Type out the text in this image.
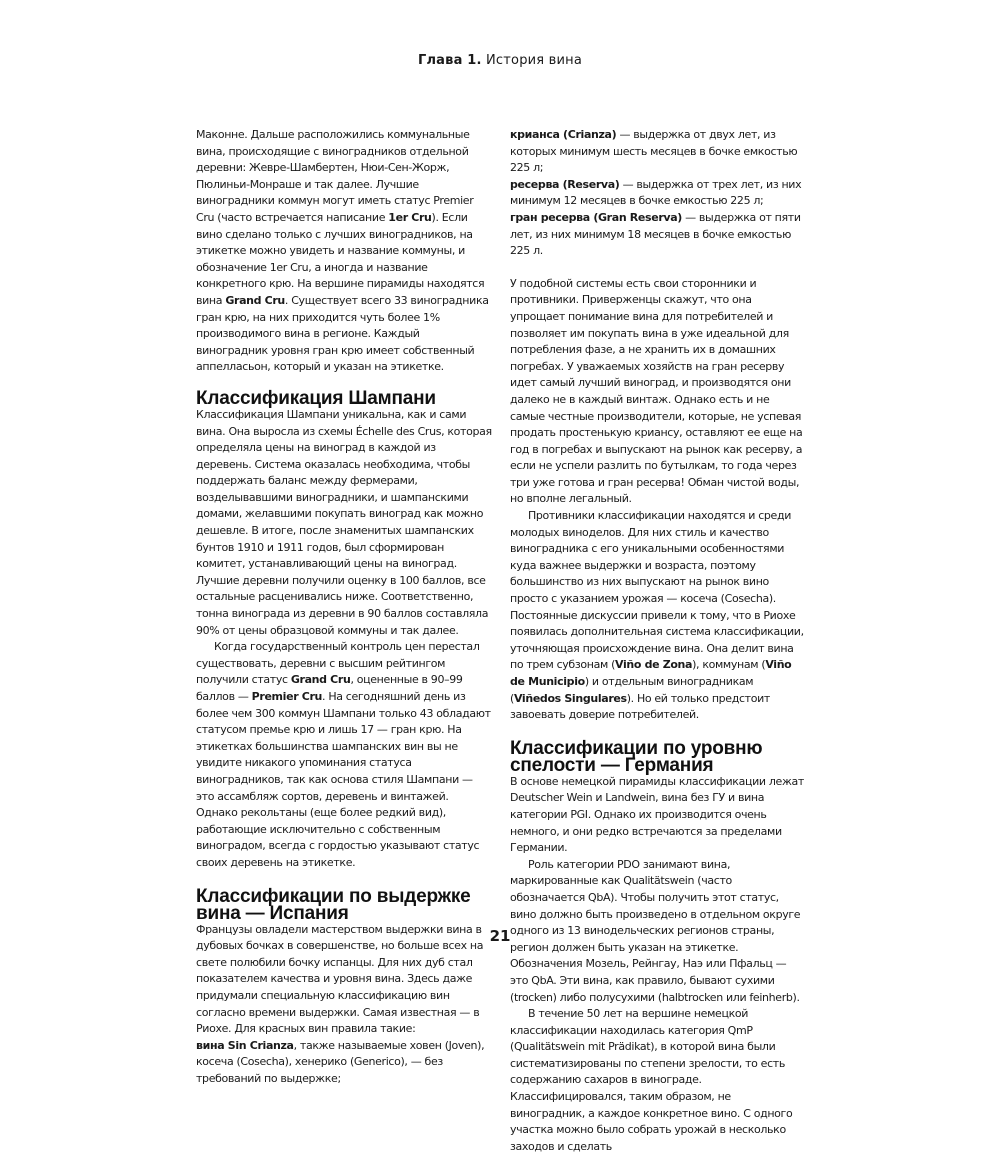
Глава 1. История вина

Маконне. Дальше расположились коммунальные вина, происходящие с виноградников отдельной деревни: Жевре-Шамбертен, Нюи-Сен-Жорж, Пюлиньи-Монраше и так далее. Лучшие виноградники коммун могут иметь статус Premier Cru (часто встречается написание 1er Cru). Если вино сделано только с лучших виноградников, на этикетке можно увидеть и название коммуны, и обозначение 1er Cru, а иногда и название конкретного крю. На вершине пирамиды находятся вина Grand Cru. Существует всего 33 виноградника гран крю, на них приходится чуть более 1% производимого вина в регионе. Каждый виноградник уровня гран крю имеет собственный аппелласьон, который и указан на этикетке.

Классификация Шампани

Классификация Шампани уникальна, как и сами вина. Она выросла из схемы Échelle des Crus, которая определяла цены на виноград в каждой из деревень. Система оказалась необходима, чтобы поддержать баланс между фермерами, возделывавшими виноградники, и шампанскими домами, желавшими покупать виноград как можно дешевле. В итоге, после знаменитых шампанских бунтов 1910 и 1911 годов, был сформирован комитет, устанавливающий цены на виноград. Лучшие деревни получили оценку в 100 баллов, все остальные расценивались ниже. Соответственно, тонна винограда из деревни в 90 баллов составляла 90% от цены образцовой коммуны и так далее.

Когда государственный контроль цен перестал существовать, деревни с высшим рейтингом получили статус Grand Cru, оцененные в 90–99 баллов — Premier Cru. На сегодняшний день из более чем 300 коммун Шампани только 43 обладают статусом премье крю и лишь 17 — гран крю. На этикетках большинства шампанских вин вы не увидите никакого упоминания статуса виноградников, так как основа стиля Шампани — это ассамбляж сортов, деревень и винтажей. Однако рекольтаны (еще более редкий вид), работающие исключительно с собственным виноградом, всегда с гордостью указывают статус своих деревень на этикетке.

Классификации по выдержке вина — Испания

Французы овладели мастерством выдержки вина в дубовых бочках в совершенстве, но больше всех на свете полюбили бочку испанцы. Для них дуб стал показателем качества и уровня вина. Здесь даже придумали специальную классификацию вин согласно времени выдержки. Самая известная — в Риохе. Для красных вин правила такие:

вина Sin Crianza, также называемые ховен (Joven), косеча (Cosecha), хенерико (Generico), — без требований по выдержке;

крианса (Crianza) — выдержка от двух лет, из которых минимум шесть месяцев в бочке емкостью 225 л;

ресерва (Reserva) — выдержка от трех лет, из них минимум 12 месяцев в бочке емкостью 225 л;

гран ресерва (Gran Reserva) — выдержка от пяти лет, из них минимум 18 месяцев в бочке емкостью 225 л.

У подобной системы есть свои сторонники и противники. Приверженцы скажут, что она упрощает понимание вина для потребителей и позволяет им покупать вина в уже идеальной для потребления фазе, а не хранить их в домашних погребах. У уважаемых хозяйств на гран ресерву идет самый лучший виноград, и производятся они далеко не в каждый винтаж. Однако есть и не самые честные производители, которые, не успевая продать простенькую криансу, оставляют ее еще на год в погребах и выпускают на рынок как ресерву, а если не успели разлить по бутылкам, то года через три уже готова и гран ресерва! Обман чистой воды, но вполне легальный.

Противники классификации находятся и среди молодых виноделов. Для них стиль и качество виноградника с его уникальными особенностями куда важнее выдержки и возраста, поэтому большинство из них выпускают на рынок вино просто с указанием урожая — косеча (Cosecha). Постоянные дискуссии привели к тому, что в Риохе появилась дополнительная система классификации, уточняющая происхождение вина. Она делит вина по трем субзонам (Viño de Zona), коммунам (Viño de Municipio) и отдельным виноградникам (Viñedos Singulares). Но ей только предстоит завоевать доверие потребителей.

Классификации по уровню спелости — Германия

В основе немецкой пирамиды классификации лежат Deutscher Wein и Landwein, вина без ГУ и вина категории PGI. Однако их производится очень немного, и они редко встречаются за пределами Германии.

Роль категории PDO занимают вина, маркированные как Qualitätswein (часто обозначается QbA). Чтобы получить этот статус, вино должно быть произведено в отдельном округе одного из 13 винодельческих регионов страны, регион должен быть указан на этикетке. Обозначения Мозель, Рейнгау, Наэ или Пфальц — это QbA. Эти вина, как правило, бывают сухими (trocken) либо полусухими (halbtrocken или feinherb).

В течение 50 лет на вершине немецкой классификации находилась категория QmP (Qualitätswein mit Prädikat), в которой вина были систематизированы по степени зрелости, то есть содержанию сахаров в винограде. Классифицировался, таким образом, не виноградник, а каждое конкретное вино. С одного участка можно было собрать урожай в несколько заходов и сделать

21
